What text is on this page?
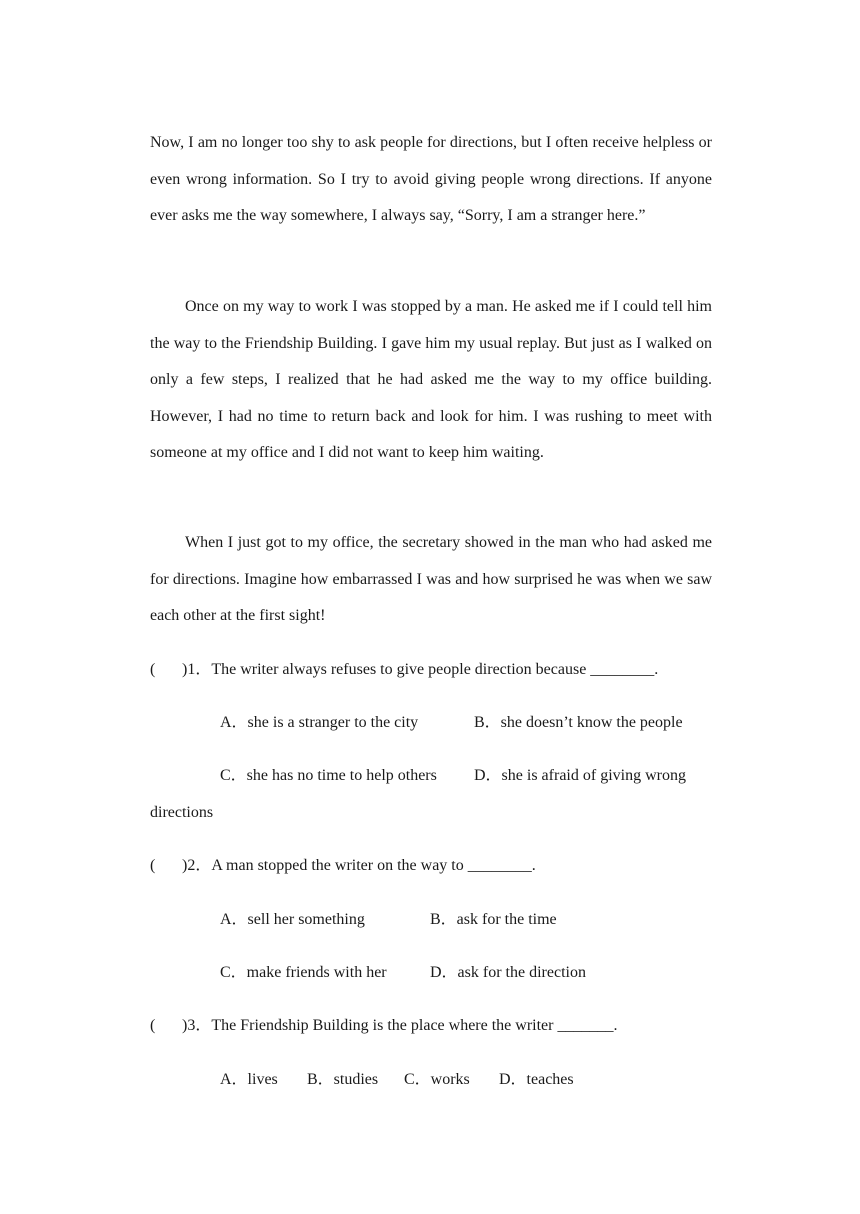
Now, I am no longer too shy to ask people for directions, but I often receive helpless or even wrong information. So I try to avoid giving people wrong directions. If anyone ever asks me the way somewhere, I always say, “Sorry, I am a stranger here.”

Once on my way to work I was stopped by a man. He asked me if I could tell him the way to the Friendship Building. I gave him my usual replay. But just as I walked on only a few steps, I realized that he had asked me the way to my office building. However, I had no time to return back and look for him. I was rushing to meet with someone at my office and I did not want to keep him waiting.

When I just got to my office, the secretary showed in the man who had asked me for directions. Imagine how embarrassed I was and how surprised he was when we saw each other at the first sight!

( )1．The writer always refuses to give people direction because ________.
A．she is a stranger to the city	B．she doesn’t know the people
C．she has no time to help others D．she is afraid of giving wrong
directions
( )2．A man stopped the writer on the way to ________.
A．sell her something	B．ask for the time
C．make friends with her	D．ask for the direction
( )3．The Friendship Building is the place where the writer _______.
A．lives B．studies C．works D．teaches
